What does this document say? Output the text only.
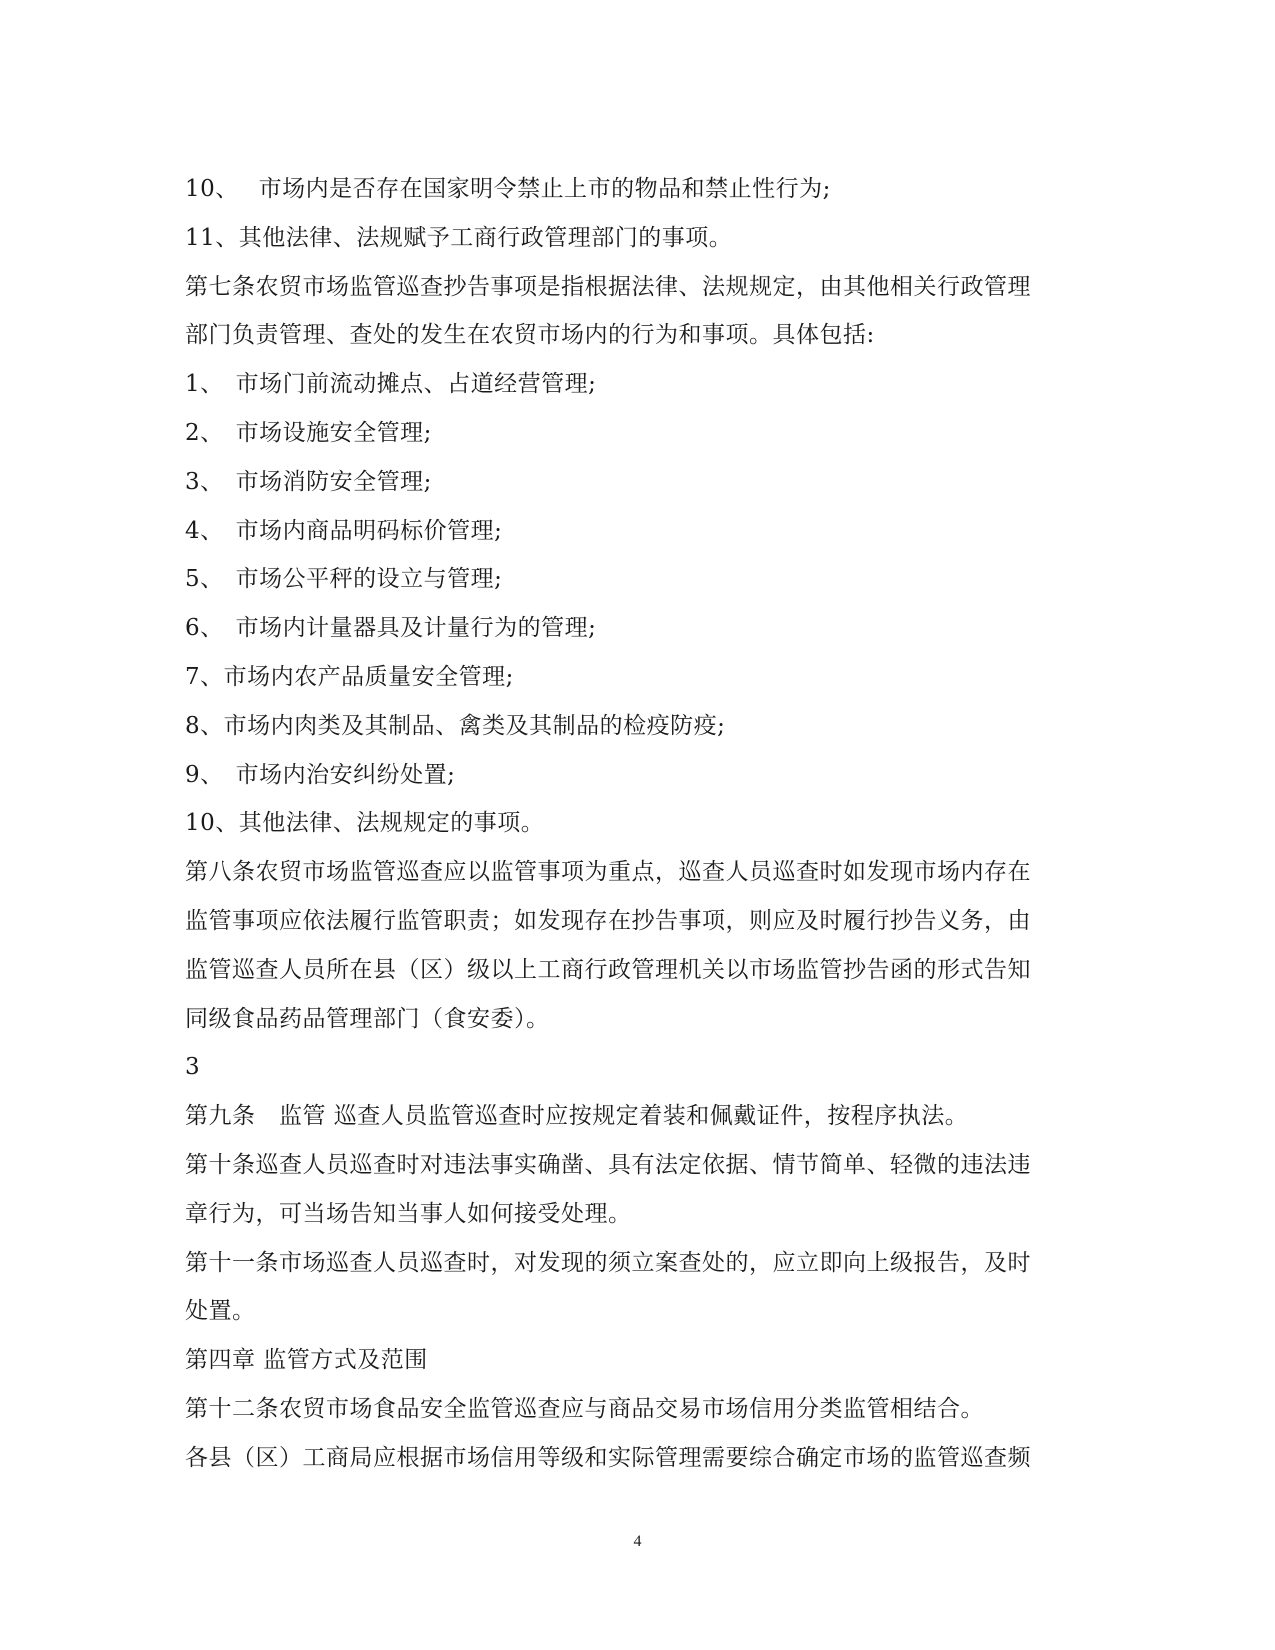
10、　 市场内是否存在国家明令禁止上市的物品和禁止性行为;
11、其他法律、法规赋予工商行政管理部门的事项。
第七条农贸市场监管巡查抄告事项是指根据法律、法规规定，由其他相关行政管理
部门负责管理、查处的发生在农贸市场内的行为和事项。具体包括:
1、　市场门前流动摊点、占道经营管理;
2、　市场设施安全管理;
3、　市场消防安全管理;
4、　市场内商品明码标价管理;
5、　市场公平秤的设立与管理;
6、　市场内计量器具及计量行为的管理;
7、市场内农产品质量安全管理;
8、市场内肉类及其制品、禽类及其制品的检疫防疫;
9、　市场内治安纠纷处置;
10、其他法律、法规规定的事项。
第八条农贸市场监管巡查应以监管事项为重点，巡查人员巡查时如发现市场内存在
监管事项应依法履行监管职责；如发现存在抄告事项，则应及时履行抄告义务，由
监管巡查人员所在县（区）级以上工商行政管理机关以市场监管抄告函的形式告知
同级食品药品管理部门（食安委）。
3
第九条　监管 巡查人员监管巡查时应按规定着装和佩戴证件，按程序执法。
第十条巡查人员巡查时对违法事实确凿、具有法定依据、情节简单、轻微的违法违
章行为，可当场告知当事人如何接受处理。
第十一条市场巡查人员巡查时，对发现的须立案查处的，应立即向上级报告，及时
处置。
第四章 监管方式及范围
第十二条农贸市场食品安全监管巡查应与商品交易市场信用分类监管相结合。
各县（区）工商局应根据市场信用等级和实际管理需要综合确定市场的监管巡查频
4
